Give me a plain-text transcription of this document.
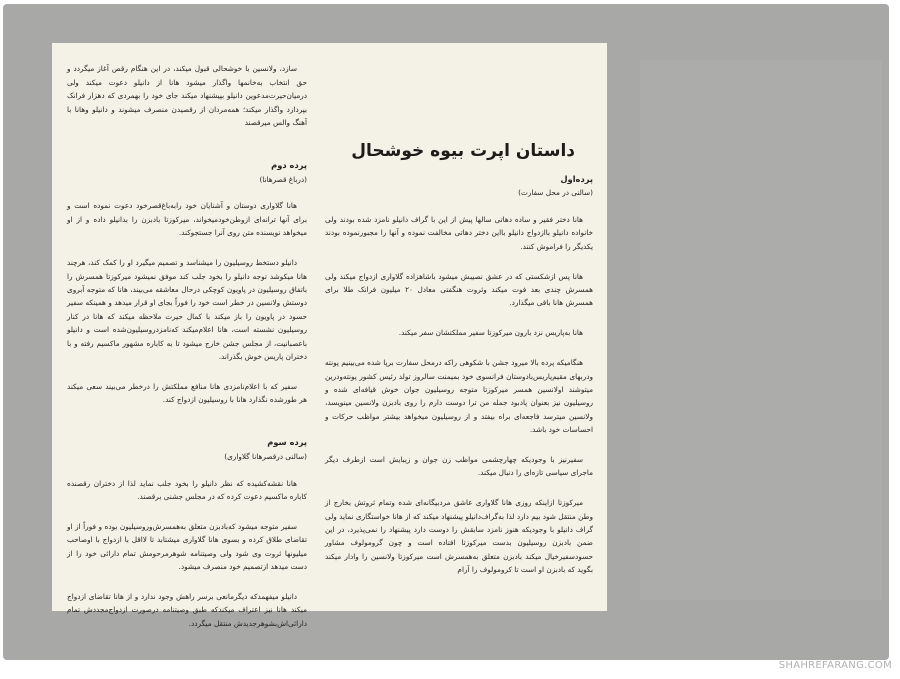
داستان اپرت بیوه خوشحال

پرده‌اول
(سالنی در محل سفارت)

هانا دختر فقیر و ساده دهاتی سالها پیش از این با گراف دانیلو نامزد شده بودند ولی خانواده دانیلو باازدواج دانیلو بااین دختر دهاتی مخالفت نموده و آنها را مجبورنموده بودند یکدیگر را فراموش کنند.

هانا پس ازشکستی که در عشق نصیبش میشود باشاهزاده گلاواری ازدواج میکند ولی همسرش چندی بعد فوت میکند وثروت هنگفتی معادل ۲۰ میلیون فرانک طلا برای همسرش هانا باقی میگذارد.

هانا به‌پاریس نزد بارون میرکوزتا سفیر مملکتشان سفر میکند.

هنگامیکه پرده بالا میرود جشن با شکوهی راکه درمحل سفارت برپا شده می‌بینیم پونته ودربهای مقیم‌پاریس‌بادوستان فرانسوی خود بمیمنت سالروز تولد رئیس کشور پونته‌ودرین میتوشند ‌اولانسین‌ همسر میرکوزتا متوجه روسیلیون جوان خوش قیافه‌ای شده و روسیلیون نیز بعنوان پادبود جمله من ترا دوست دارم را روی بادبزن ولانسین مینویسد، ولانسین میترسد فاجعه‌ای براه بیفتد و از روسیلیون میخواهد بیشتر مواظب حرکات و احساسات خود باشد.

سفیرنیز با وجودیکه چهارچشمی مواظب زن جوان و زیبایش است ازطرف دیگر ماجرای سیاسی تازه‌ای را دنبال میکند.

میرکوزتا ازاینکه روزی هانا گلاواری عاشق مردبیگانه‌ای شده وتمام ثروتش بخارج از وطن منتقل شود بیم دارد لذا به‌گراف‌دانیلو پیشنهاد میکند که از هانا خواستگاری نماید ولی گراف دانیلو با وجودیکه هنوز نامزد سابقش را دوست دارد پیشنهاد را نمی‌پذیرد، در این ضمن بادبزن روسیلیون بدست میرکوزتا افتاده است و چون گرومولوف مشاور‌ حسودسفیرخیال میکند بادبزن متعلق به‌همسرش است میرکوزتا ولانسین را وادار میکند بگوید که بادبزن او است تا کرومولوف را آرام

سازد، ولانسین با خوشحالی قبول میکند، در این هنگام رقص آغاز میگردد و حق انتخاب به‌خانمها واگذار میشود هانا از دانیلو دعوت میکند ولی درمیان‌حیرت‌مدعوین دانیلو بپیشنهاد میکند جای خود را بهمردی که دهزار فرانک بپردازد واگذار میکند؛ همه‌مردان از رقصیدن منصرف میشوند و دانیلو وهانا با آهنگ والس میرقصند

پرده دوم
(درباغ قصرهانا)

هانا گلاواری دوستان و آشنایان خود رابه‌باغ‌قصرخود دعوت نموده است و برای آنها ترانه‌ای ازوطن‌خودمیخواند، میرکوزتا بادبزن را بدانیلو داده و از او میخواهد نویسنده متن روی آنرا جستجوکند.

دانیلو دستخط روسیلیون را میشناسد و تصمیم میگیرد او را کمک کند، هرچند هانا میکوشد توجه دانیلو را بخود جلب کند موفق نمیشود میرکوزتا همسرش را باتفاق روسیلیون در پاویون کوچکی درحال معاشقه می‌بیند، هانا که متوجه آبروی دوستش ولانسین در خطر است خود را فوراً بجای او قرار میدهد و همینکه سفیر حسود در پاویون را باز میکند با کمال حیرت ملاحظه میکند که هانا در کنار روسیلیون نشسته است، هانا اعلام‌میکند که‌نامزدروسیلیون‌شده است و دانیلو باعصبانیت، از مجلس جشن خارج میشود تا به کاباره مشهور ماکسیم رفته و با دختران پاریس خوش بگذراند.

سفیر که با اعلام‌نامزدی هانا منافع مملکتش را درخطر می‌بیند سعی میکند هر طورشده نگذارد هانا با روسیلیون ازدواج کند.

پرده سوم
(سالنی درقصرهانا گلاواری)

هانا نقشه‌کشیده که نظر دانیلو را بخود جلب نماید لذا از دختران رقصنده کاباره ماکسیم دعوت کرده که در مجلس جشنی برقصند.

سفیر متوجه میشود که‌بادبزن متعلق به‌همسرش‌وروسیلیون بوده و فوراً از او تقاضای طلاق کرده و بسوی هانا گلاواری میشتابد تا لااقل با ازدواج با اوصاحب میلیونها ثروت وی شود ولی وصیتنامه شوهرمرحومش تمام دارائی خود را از دست میدهد ازتصمیم خود منصرف میشود.

دانیلو میفهمدکه دیگرمانعی برسر راهش وجود ندارد و از هانا تقاضای ازدواج میکند هانا نیز اعتراف میکندکه طبق وصیتنامه درصورت ازدواج‌مجددش تمام دارائی‌اش‌بشوهرجدیدش منتقل میگردد.

SHAHREFARANG.COM
